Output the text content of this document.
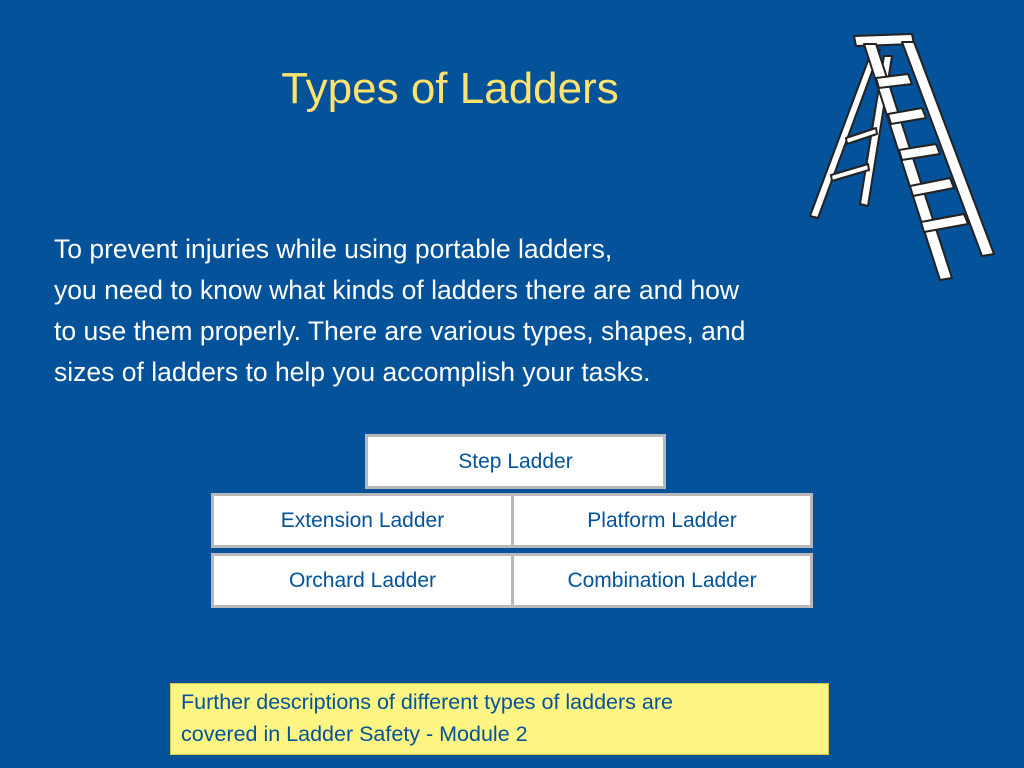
Types of Ladders
To prevent injuries while using portable ladders,
you need to know what kinds of ladders there are and how
to use them properly. There are various types, shapes, and
sizes of ladders to help you accomplish your tasks.
Step Ladder
Extension Ladder	Platform Ladder
Orchard Ladder	Combination Ladder
Further descriptions of different types of ladders are
covered in Ladder Safety - Module 2
